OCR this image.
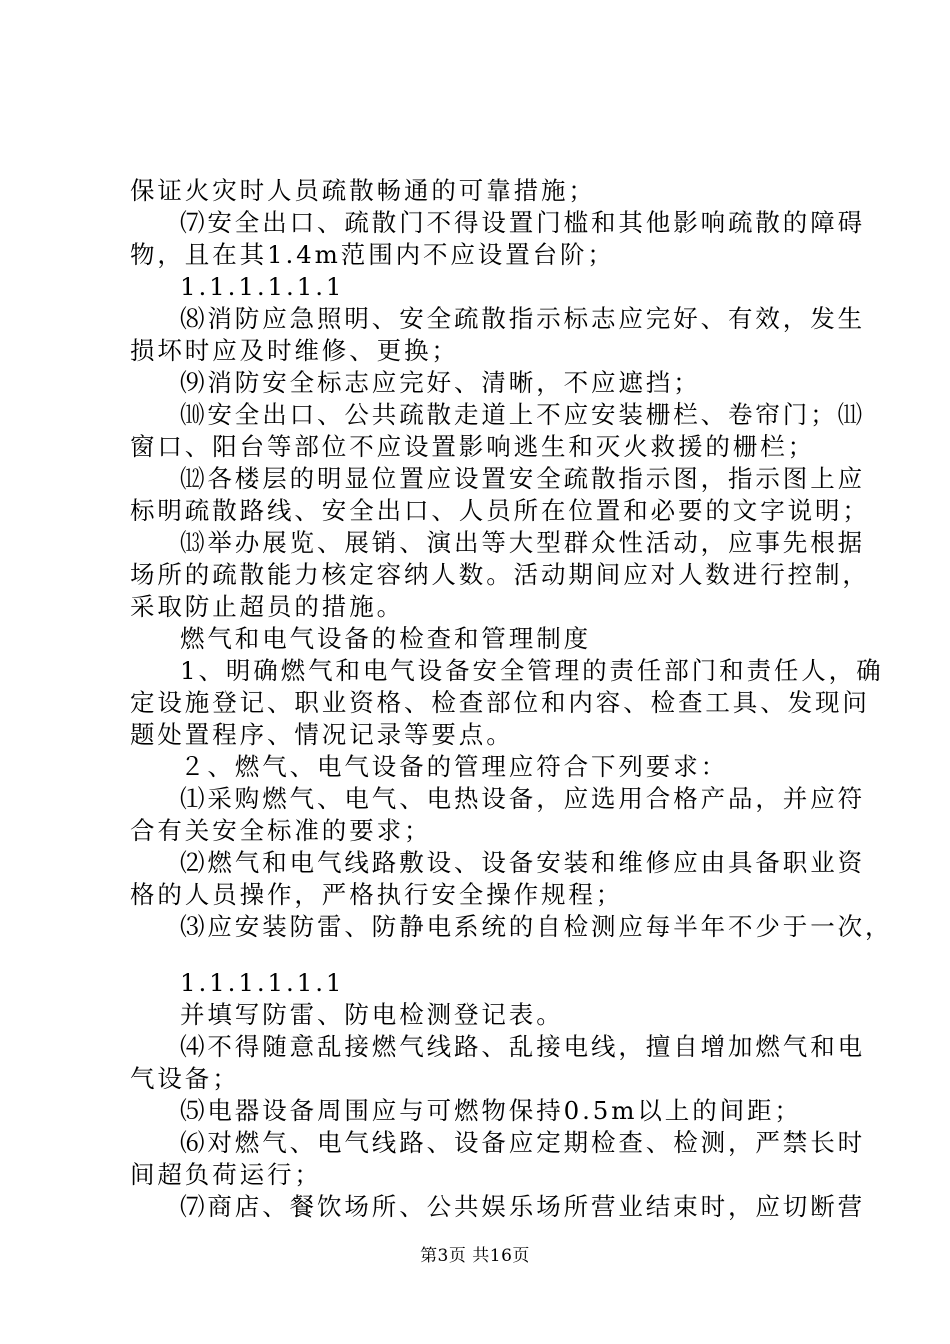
保证火灾时人员疏散畅通的可靠措施；
⑺安全出口、疏散门不得设置门槛和其他影响疏散的障碍
物，且在其1.4m范围内不应设置台阶；
1.1.1.1.1.1
⑻消防应急照明、安全疏散指示标志应完好、有效，发生
损坏时应及时维修、更换；
⑼消防安全标志应完好、清晰，不应遮挡；
⑽安全出口、公共疏散走道上不应安装栅栏、卷帘门；⑾
窗口、阳台等部位不应设置影响逃生和灭火救援的栅栏；
⑿各楼层的明显位置应设置安全疏散指示图，指示图上应
标明疏散路线、安全出口、人员所在位置和必要的文字说明；
⒀举办展览、展销、演出等大型群众性活动，应事先根据
场所的疏散能力核定容纳人数。活动期间应对人数进行控制，
采取防止超员的措施。
燃气和电气设备的检查和管理制度
1、明确燃气和电气设备安全管理的责任部门和责任人，确
定设施登记、职业资格、检查部位和内容、检查工具、发现问
题处置程序、情况记录等要点。
２、燃气、电气设备的管理应符合下列要求：
⑴采购燃气、电气、电热设备，应选用合格产品，并应符
合有关安全标准的要求；
⑵燃气和电气线路敷设、设备安装和维修应由具备职业资
格的人员操作，严格执行安全操作规程；
⑶应安装防雷、防静电系统的自检测应每半年不少于一次，
1.1.1.1.1.1
并填写防雷、防电检测登记表。
⑷不得随意乱接燃气线路、乱接电线，擅自增加燃气和电
气设备；
⑸电器设备周围应与可燃物保持0.5m以上的间距；
⑹对燃气、电气线路、设备应定期检查、检测，严禁长时
间超负荷运行；
⑺商店、餐饮场所、公共娱乐场所营业结束时，应切断营
第3页 共16页
